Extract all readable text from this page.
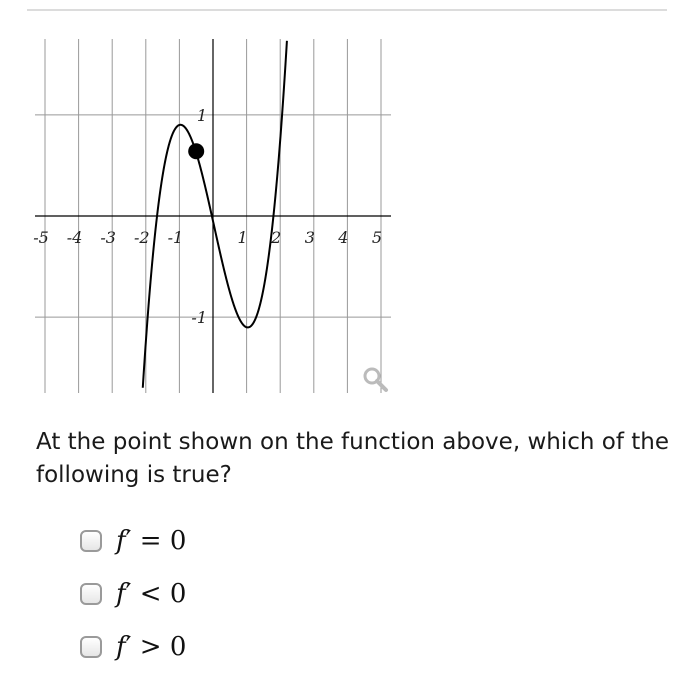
-5 -4 -3 -2 -1	1 2 3 4 5
1
-1
At the point shown on the function above, which of the following is true?
f′ = 0
f′ < 0
f′ > 0
